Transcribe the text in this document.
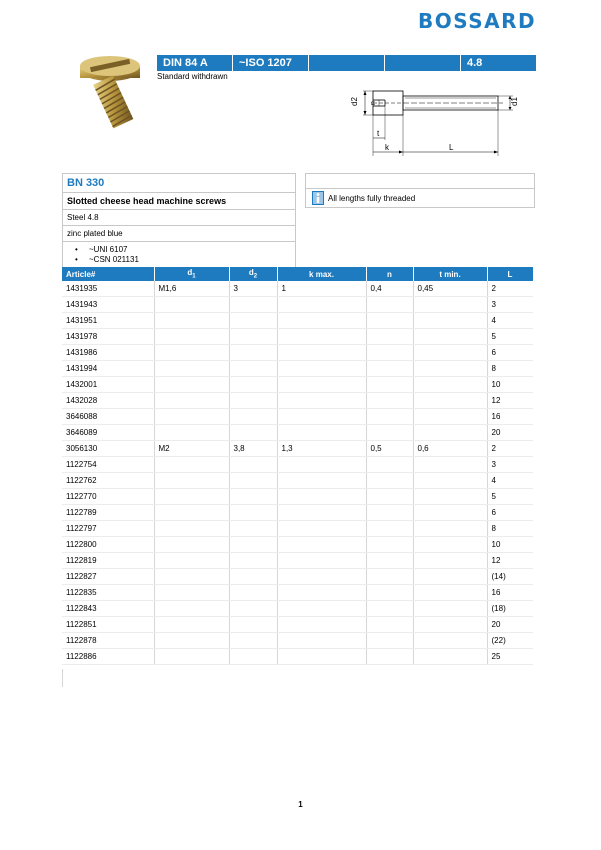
BOSSARD
DIN 84 A	~ISO 1207	4.8
Standard withdrawn
d2 n	d1
t
k	L
BN 330
Slotted cheese head machine screws
Steel 4.8
zinc plated blue
• ~UNI 6107
• ~CSN 021131
All lengths fully threaded
Article#	$d_1$	$d_2$	k max.	n	t min.	L
1431935	M1,6	3	1	0,4	0,45	2
1431943						3
1431951						4
1431978						5
1431986						6
1431994						8
1432001						10
1432028						12
3646088						16
3646089						20
3056130	M2	3,8	1,3	0,5	0,6	2
1122754						3
1122762						4
1122770						5
1122789						6
1122797						8
1122800						10
1122819						12
1122827						(14)
1122835						16
1122843						(18)
1122851						20
1122878						(22)
1122886						25
1
